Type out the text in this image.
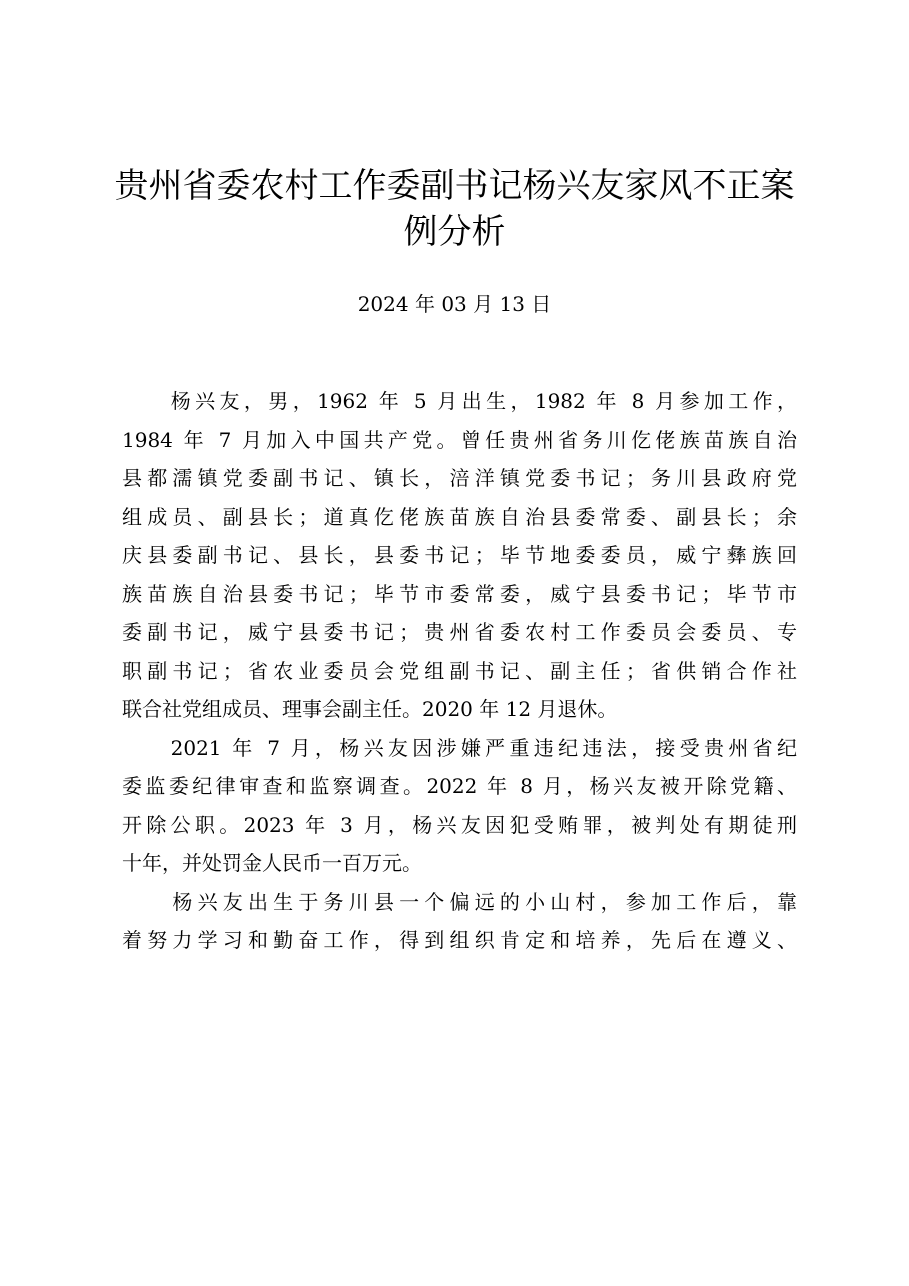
贵州省委农村工作委副书记杨兴友家风不正案
例分析
2024 年 03 月 13 日
　　杨兴友，男，1962 年 5 月出生，1982 年 8 月参加工作，
1984 年 7 月加入中国共产党。曾任贵州省务川仡佬族苗族自治
县都濡镇党委副书记、镇长，涪洋镇党委书记；务川县政府党
组成员、副县长；道真仡佬族苗族自治县委常委、副县长；余
庆县委副书记、县长，县委书记；毕节地委委员，威宁彝族回
族苗族自治县委书记；毕节市委常委，威宁县委书记；毕节市
委副书记，威宁县委书记；贵州省委农村工作委员会委员、专
职副书记；省农业委员会党组副书记、副主任；省供销合作社
联合社党组成员、理事会副主任。2020 年 12 月退休。
　　2021 年 7 月，杨兴友因涉嫌严重违纪违法，接受贵州省纪
委监委纪律审查和监察调查。2022 年 8 月，杨兴友被开除党籍、
开除公职。2023 年 3 月，杨兴友因犯受贿罪，被判处有期徒刑
十年，并处罚金人民币一百万元。
　　杨兴友出生于务川县一个偏远的小山村，参加工作后，靠
着努力学习和勤奋工作，得到组织肯定和培养，先后在遵义、
